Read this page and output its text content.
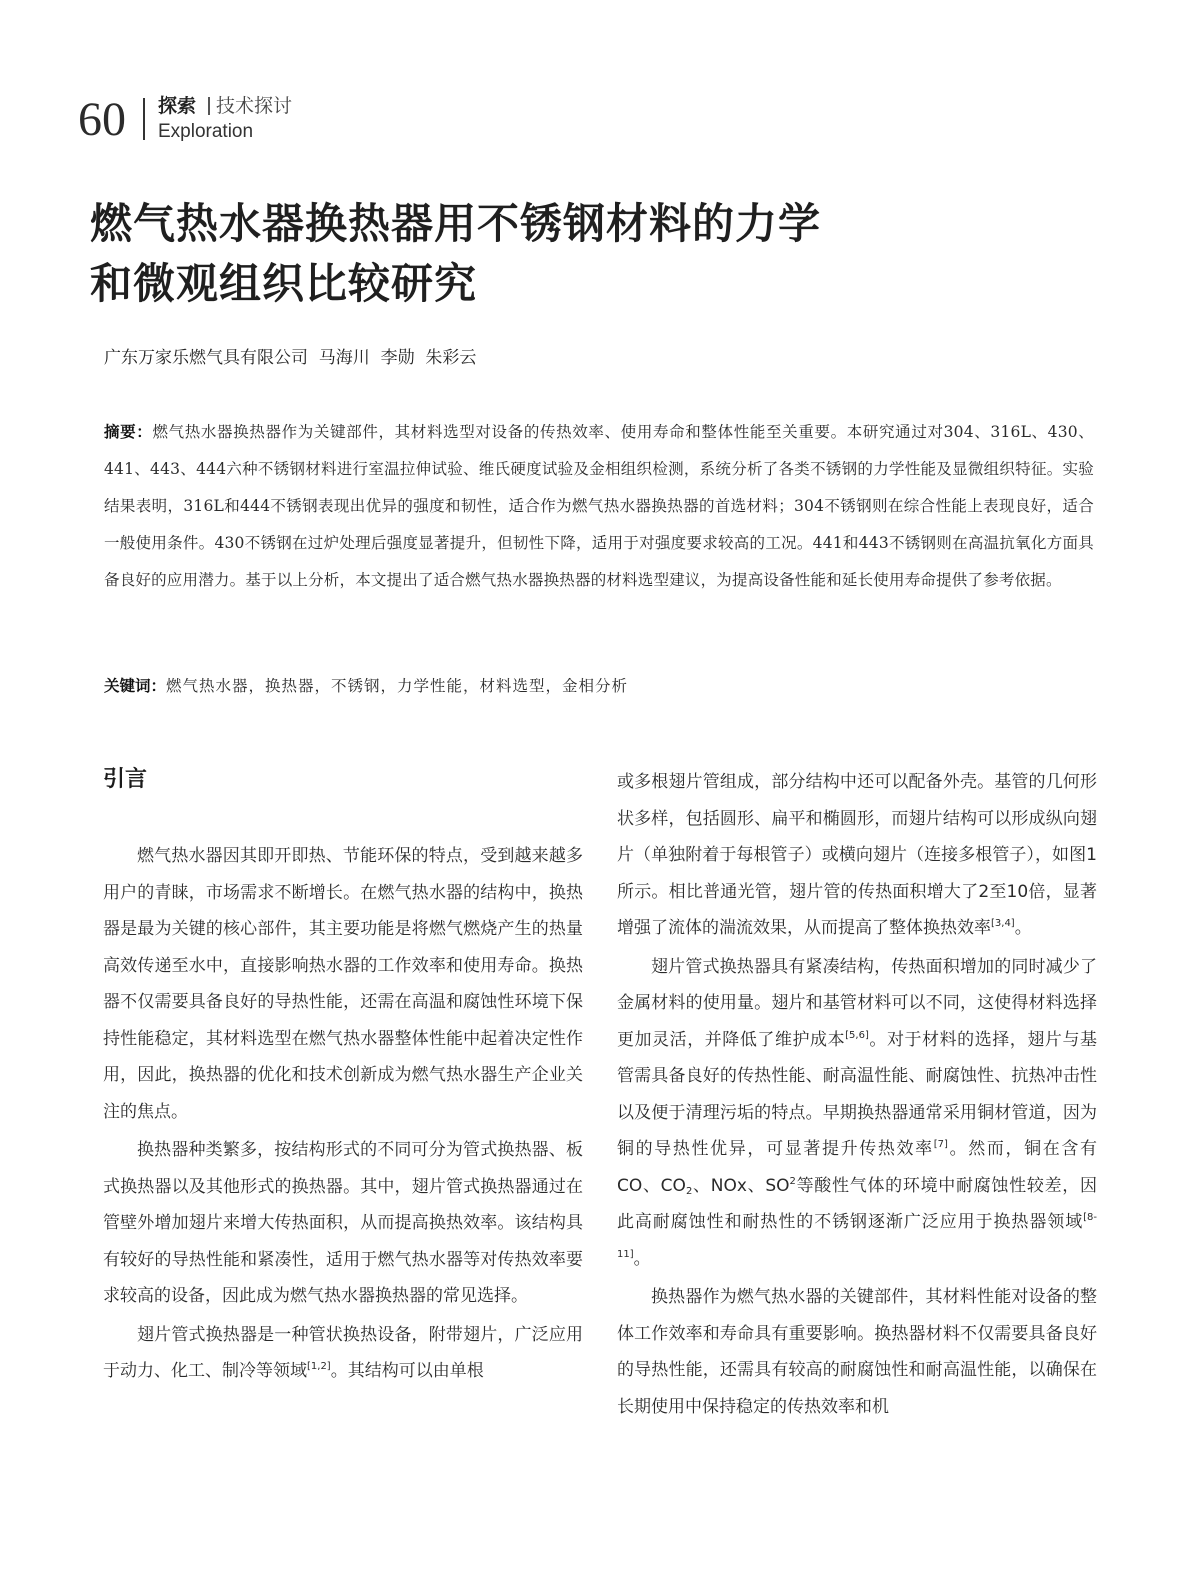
60 探索 技术探讨
Exploration
燃气热水器换热器用不锈钢材料的力学
和微观组织比较研究
广东万家乐燃气具有限公司  马海川  李勋  朱彩云
摘要：燃气热水器换热器作为关键部件，其材料选型对设备的传热效率、使用寿命和整体性能至关重要。本研究通过对304、316L、430、441、443、444六种不锈钢材料进行室温拉伸试验、维氏硬度试验及金相组织检测，系统分析了各类不锈钢的力学性能及显微组织特征。实验结果表明，316L和444不锈钢表现出优异的强度和韧性，适合作为燃气热水器换热器的首选材料；304不锈钢则在综合性能上表现良好，适合一般使用条件。430不锈钢在过炉处理后强度显著提升，但韧性下降，适用于对强度要求较高的工况。441和443不锈钢则在高温抗氧化方面具备良好的应用潜力。基于以上分析，本文提出了适合燃气热水器换热器的材料选型建议，为提高设备性能和延长使用寿命提供了参考依据。
关键词：燃气热水器，换热器，不锈钢，力学性能，材料选型，金相分析
引言

燃气热水器因其即开即热、节能环保的特点，受到越来越多用户的青睐，市场需求不断增长。在燃气热水器的结构中，换热器是最为关键的核心部件，其主要功能是将燃气燃烧产生的热量高效传递至水中，直接影响热水器的工作效率和使用寿命。换热器不仅需要具备良好的导热性能，还需在高温和腐蚀性环境下保持性能稳定，其材料选型在燃气热水器整体性能中起着决定性作用，因此，换热器的优化和技术创新成为燃气热水器生产企业关注的焦点。

换热器种类繁多，按结构形式的不同可分为管式换热器、板式换热器以及其他形式的换热器。其中，翅片管式换热器通过在管壁外增加翅片来增大传热面积，从而提高换热效率。该结构具有较好的导热性能和紧凑性，适用于燃气热水器等对传热效率要求较高的设备，因此成为燃气热水器换热器的常见选择。

翅片管式换热器是一种管状换热设备，附带翅片，广泛应用于动力、化工、制冷等领域[1,2]。其结构可以由单根

或多根翅片管组成，部分结构中还可以配备外壳。基管的几何形状多样，包括圆形、扁平和椭圆形，而翅片结构可以形成纵向翅片（单独附着于每根管子）或横向翅片（连接多根管子），如图1所示。相比普通光管，翅片管的传热面积增大了2至10倍，显著增强了流体的湍流效果，从而提高了整体换热效率[3,4]。

翅片管式换热器具有紧凑结构，传热面积增加的同时减少了金属材料的使用量。翅片和基管材料可以不同，这使得材料选择更加灵活，并降低了维护成本[5,6]。对于材料的选择，翅片与基管需具备良好的传热性能、耐高温性能、耐腐蚀性、抗热冲击性以及便于清理污垢的特点。早期换热器通常采用铜材管道，因为铜的导热性优异，可显著提升传热效率[7]。然而，铜在含有CO、$CO_2$、NOx、$SO^2$等酸性气体的环境中耐腐蚀性较差，因此高耐腐蚀性和耐热性的不锈钢逐渐广泛应用于换热器领域[8-11]。

换热器作为燃气热水器的关键部件，其材料性能对设备的整体工作效率和寿命具有重要影响。换热器材料不仅需要具备良好的导热性能，还需具有较高的耐腐蚀性和耐高温性能，以确保在长期使用中保持稳定的传热效率和机
